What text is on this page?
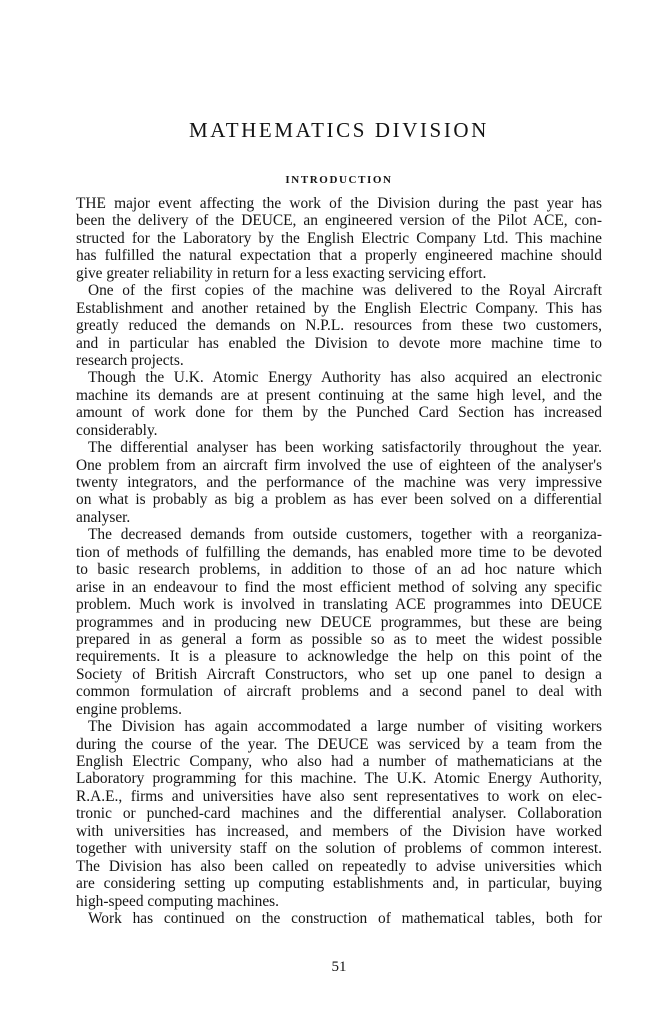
MATHEMATICS DIVISION
INTRODUCTION
THE major event affecting the work of the Division during the past year has
been the delivery of the DEUCE, an engineered version of the Pilot ACE, con-
structed for the Laboratory by the English Electric Company Ltd. This machine
has fulfilled the natural expectation that a properly engineered machine should
give greater reliability in return for a less exacting servicing effort.
One of the first copies of the machine was delivered to the Royal Aircraft
Establishment and another retained by the English Electric Company. This has
greatly reduced the demands on N.P.L. resources from these two customers,
and in particular has enabled the Division to devote more machine time to
research projects.
Though the U.K. Atomic Energy Authority has also acquired an electronic
machine its demands are at present continuing at the same high level, and the
amount of work done for them by the Punched Card Section has increased
considerably.
The differential analyser has been working satisfactorily throughout the year.
One problem from an aircraft firm involved the use of eighteen of the analyser's
twenty integrators, and the performance of the machine was very impressive
on what is probably as big a problem as has ever been solved on a differential
analyser.
The decreased demands from outside customers, together with a reorganiza-
tion of methods of fulfilling the demands, has enabled more time to be devoted
to basic research problems, in addition to those of an ad hoc nature which
arise in an endeavour to find the most efficient method of solving any specific
problem. Much work is involved in translating ACE programmes into DEUCE
programmes and in producing new DEUCE programmes, but these are being
prepared in as general a form as possible so as to meet the widest possible
requirements. It is a pleasure to acknowledge the help on this point of the
Society of British Aircraft Constructors, who set up one panel to design a
common formulation of aircraft problems and a second panel to deal with
engine problems.
The Division has again accommodated a large number of visiting workers
during the course of the year. The DEUCE was serviced by a team from the
English Electric Company, who also had a number of mathematicians at the
Laboratory programming for this machine. The U.K. Atomic Energy Authority,
R.A.E., firms and universities have also sent representatives to work on elec-
tronic or punched-card machines and the differential analyser. Collaboration
with universities has increased, and members of the Division have worked
together with university staff on the solution of problems of common interest.
The Division has also been called on repeatedly to advise universities which
are considering setting up computing establishments and, in particular, buying
high-speed computing machines.
Work has continued on the construction of mathematical tables, both for
51
